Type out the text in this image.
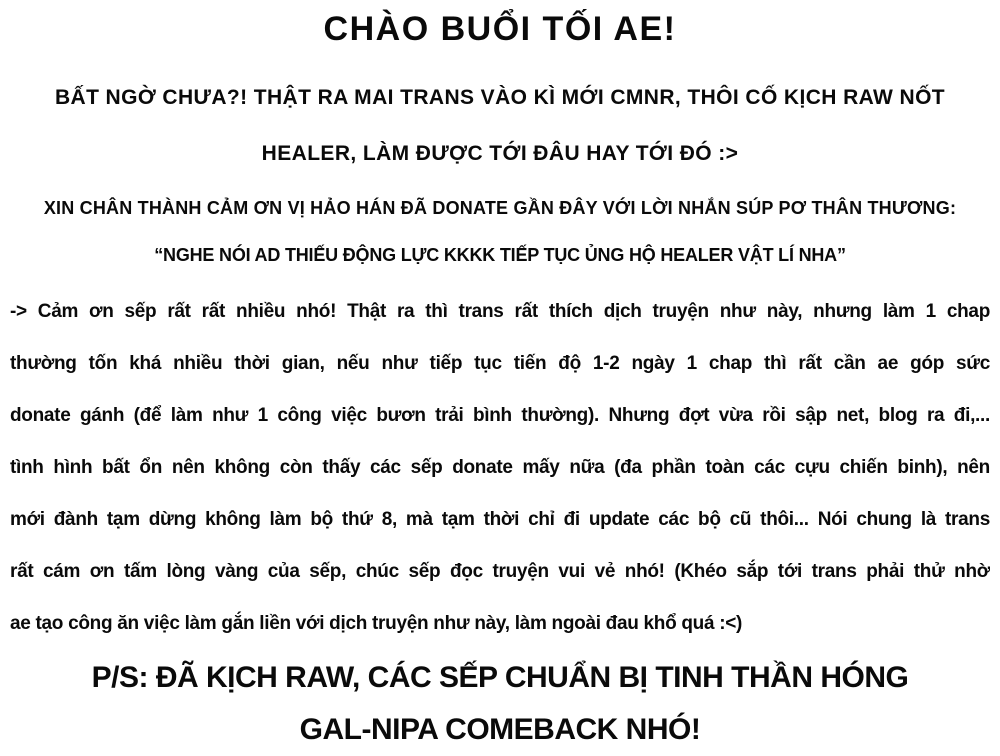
CHÀO BUỔI TỐI AE!
BẤT NGỜ CHƯA?! THẬT RA MAI TRANS VÀO KÌ MỚI CMNR, THÔI CỐ KỊCH RAW NỐT
HEALER, LÀM ĐƯỢC TỚI ĐÂU HAY TỚI ĐÓ :>
XIN CHÂN THÀNH CẢM ƠN VỊ HẢO HÁN ĐÃ DONATE GẦN ĐÂY VỚI LỜI NHẮN SÚP PƠ THÂN THƯƠNG:
“NGHE NÓI AD THIẾU ĐỘNG LỰC KKKK TIẾP TỤC ỦNG HỘ HEALER VẬT LÍ NHA”
-> Cảm ơn sếp rất rất nhiều nhó! Thật ra thì trans rất thích dịch truyện như này, nhưng làm 1 chap
thường tốn khá nhiều thời gian, nếu như tiếp tục tiến độ 1-2 ngày 1 chap thì rất cần ae góp sức
donate gánh (để làm như 1 công việc bươn trải bình thường). Nhưng đợt vừa rồi sập net, blog ra đi,...
tình hình bất ổn nên không còn thấy các sếp donate mấy nữa (đa phần toàn các cựu chiến binh), nên
mới đành tạm dừng không làm bộ thứ 8, mà tạm thời chỉ đi update các bộ cũ thôi... Nói chung là trans
rất cám ơn tấm lòng vàng của sếp, chúc sếp đọc truyện vui vẻ nhó! (Khéo sắp tới trans phải thử nhờ
ae tạo công ăn việc làm gắn liền với dịch truyện như này, làm ngoài đau khổ quá :<)
P/S: ĐÃ KỊCH RAW, CÁC SẾP CHUẨN BỊ TINH THẦN HÓNG
GAL-NIPA COMEBACK NHÓ!
